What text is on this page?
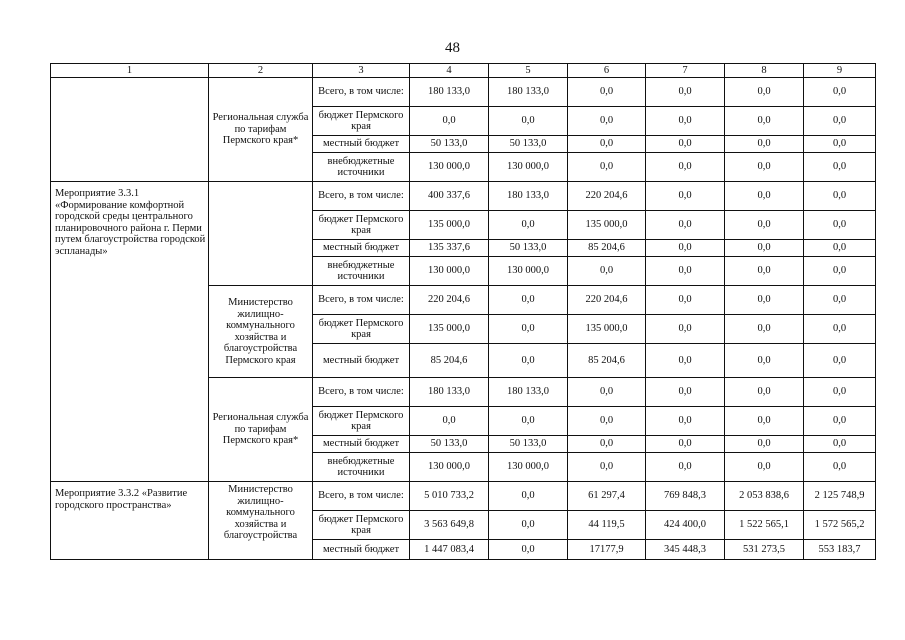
48
1	2	3	4	5	6	7	8	9
	Региональная служба по тарифам Пермского края*	Всего, в том числе:	180 133,0	180 133,0	0,0	0,0	0,0	0,0
		бюджет Пермского края	0,0	0,0	0,0	0,0	0,0	0,0
		местный бюджет	50 133,0	50 133,0	0,0	0,0	0,0	0,0
		внебюджетные источники	130 000,0	130 000,0	0,0	0,0	0,0	0,0
Мероприятие 3.3.1 «Формирование комфортной городской среды центрального планировочного района г. Перми путем благоустройства городской эспланады»		Всего, в том числе:	400 337,6	180 133,0	220 204,6	0,0	0,0	0,0
		бюджет Пермского края	135 000,0	0,0	135 000,0	0,0	0,0	0,0
		местный бюджет	135 337,6	50 133,0	85 204,6	0,0	0,0	0,0
		внебюджетные источники	130 000,0	130 000,0	0,0	0,0	0,0	0,0
	Министерство жилищно-коммунального хозяйства и благоустройства Пермского края	Всего, в том числе:	220 204,6	0,0	220 204,6	0,0	0,0	0,0
		бюджет Пермского края	135 000,0	0,0	135 000,0	0,0	0,0	0,0
		местный бюджет	85 204,6	0,0	85 204,6	0,0	0,0	0,0
	Региональная служба по тарифам Пермского края*	Всего, в том числе:	180 133,0	180 133,0	0,0	0,0	0,0	0,0
		бюджет Пермского края	0,0	0,0	0,0	0,0	0,0	0,0
		местный бюджет	50 133,0	50 133,0	0,0	0,0	0,0	0,0
		внебюджетные источники	130 000,0	130 000,0	0,0	0,0	0,0	0,0
Мероприятие 3.3.2 «Развитие городского пространства»	Министерство жилищно-коммунального хозяйства и благоустройства	Всего, в том числе:	5 010 733,2	0,0	61 297,4	769 848,3	2 053 838,6	2 125 748,9
		бюджет Пермского края	3 563 649,8	0,0	44 119,5	424 400,0	1 522 565,1	1 572 565,2
		местный бюджет	1 447 083,4	0,0	17177,9	345 448,3	531 273,5	553 183,7
